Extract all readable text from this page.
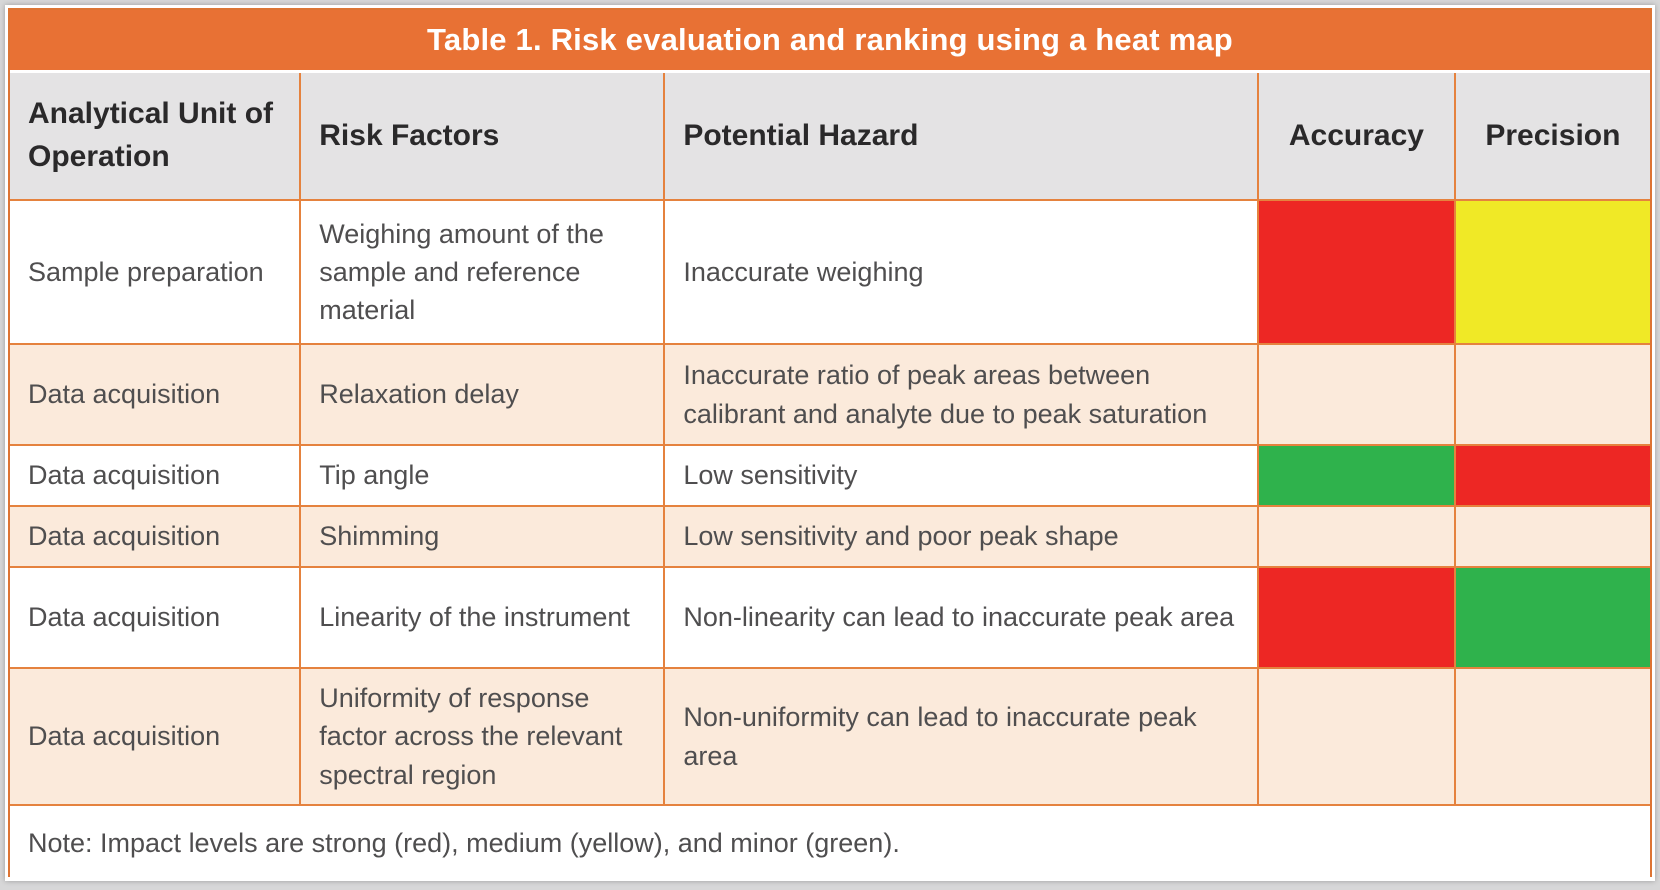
Table 1. Risk evaluation and ranking using a heat map
Analytical Unit of Operation	Risk Factors	Potential Hazard	Accuracy	Precision
Sample preparation	Weighing amount of the sample and reference material	Inaccurate weighing		
Data acquisition	Relaxation delay	Inaccurate ratio of peak areas between calibrant and analyte due to peak saturation		
Data acquisition	Tip angle	Low sensitivity		
Data acquisition	Shimming	Low sensitivity and poor peak shape		
Data acquisition	Linearity of the instrument	Non-linearity can lead to inaccurate peak area		
Data acquisition	Uniformity of response factor across the relevant spectral region	Non-uniformity can lead to inaccurate peak area		
Note: Impact levels are strong (red), medium (yellow), and minor (green).				
